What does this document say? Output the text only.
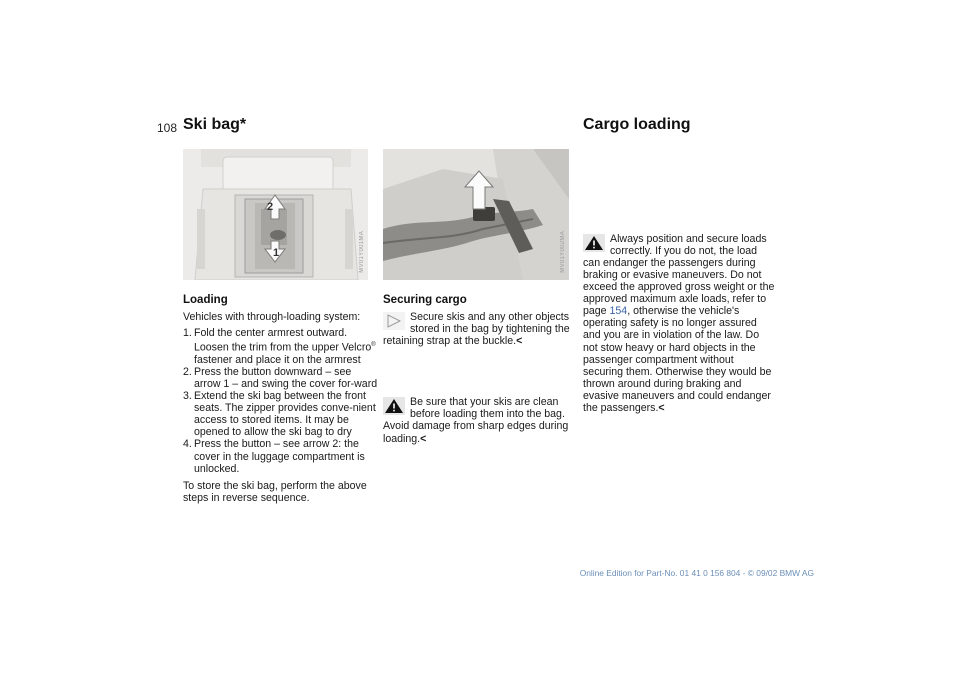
108 Ski bag*
2
1	MV01Y001MA
Loading

Vehicles with through-loading system:

1. Fold the center armrest outward. Loosen the trim from the upper Velcro® fastener and place it on the armrest
2. Press the button downward – see arrow 1 – and swing the cover for-ward
3. Extend the ski bag between the front seats. The zipper provides conve-nient access to stored items. It may be opened to allow the ski bag to dry
4. Press the button – see arrow 2: the cover in the luggage compartment is unlocked.

To store the ski bag, perform the above steps in reverse sequence.

MV01Y002MA
Securing cargo
Secure skis and any other objects stored in the bag by tightening the retaining strap at the buckle.<
Be sure that your skis are clean before loading them into the bag. Avoid damage from sharp edges during loading.<
Cargo loading
Always position and secure loads correctly. If you do not, the load can endanger the passengers during braking or evasive maneuvers. Do not exceed the approved gross weight or the approved maximum axle loads, refer to page 154, otherwise the vehicle's operating safety is no longer assured and you are in violation of the law. Do not stow heavy or hard objects in the passenger compartment without securing them. Otherwise they would be thrown around during braking and evasive maneuvers and could endanger the passengers.<
Online Edition for Part-No. 01 41 0 156 804 - © 09/02 BMW AG
